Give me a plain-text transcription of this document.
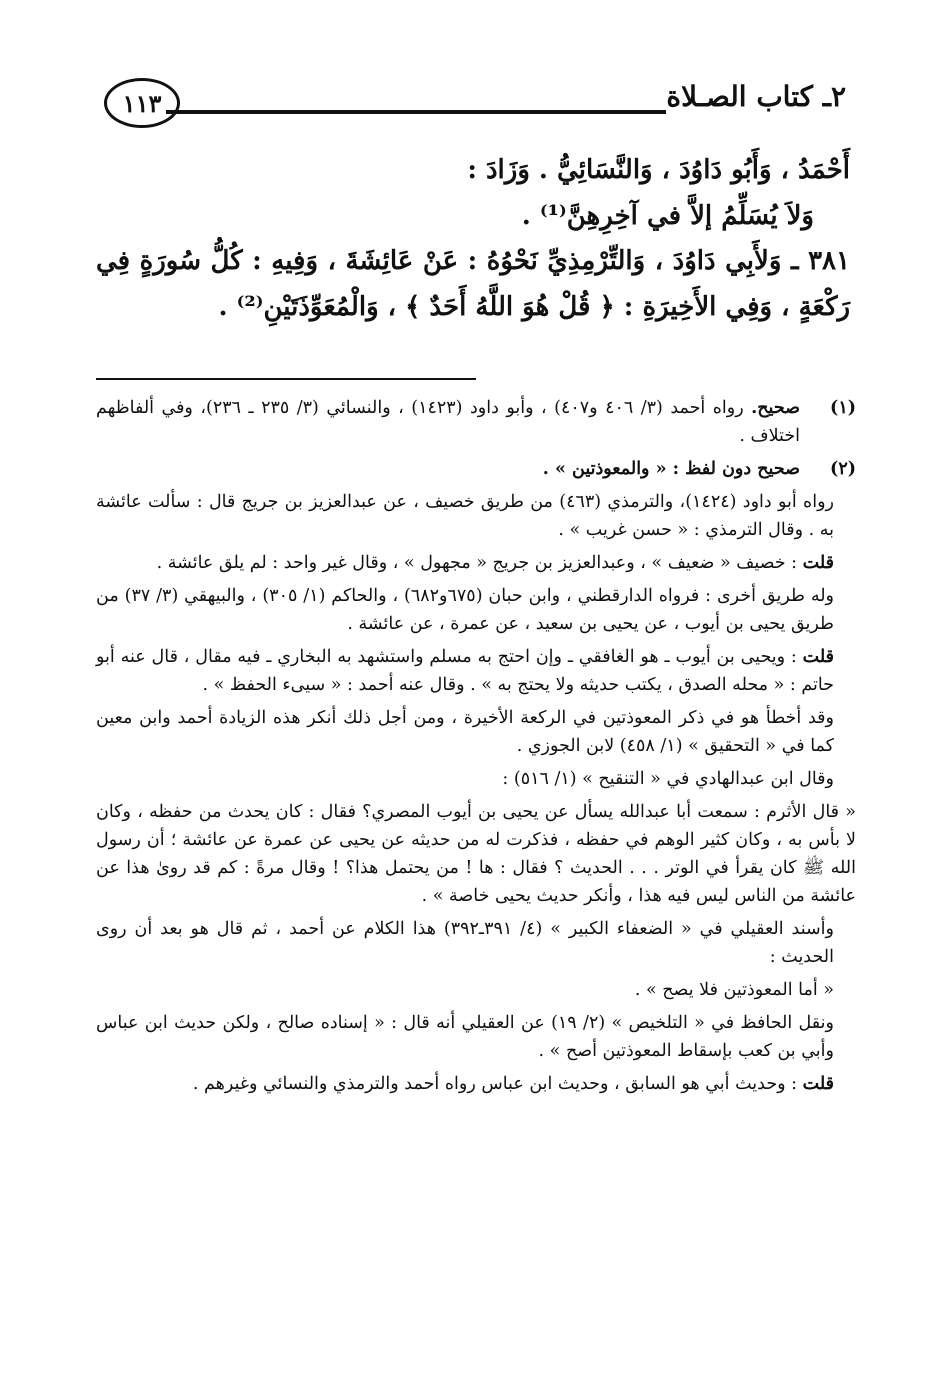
٢ـ كتاب الصـلاة
١١٣

أَحْمَدُ ، وَأَبُو دَاوُدَ ، وَالنَّسَائِيُّ . وَزَادَ :

وَلاَ يُسَلِّمُ إلاَّ في آخِرِهِنَّ⁽¹⁾ .

٣٨١ ـ وَلأَبِي دَاوُدَ ، وَالتِّرْمِذِيِّ نَحْوُهُ : عَنْ عَائِشَةَ ، وَفِيهِ : كُلُّ سُورَةٍ فِي رَكْعَةٍ ، وَفِي الأَخِيرَةِ : ﴿ قُلْ هُوَ اللَّهُ أَحَدٌ ﴾ ، وَالْمُعَوِّذَتَيْنِ⁽²⁾ .

(١)
صحيح. رواه أحمد (٣/ ٤٠٦ و٤٠٧) ، وأبو داود (١٤٢٣) ، والنسائي (٣/ ٢٣٥ ـ ٢٣٦)، وفي ألفاظهم اختلاف .

(٢)
صحيح دون لفظ : « والمعوذتين » .

رواه أبو داود (١٤٢٤)، والترمذي (٤٦٣) من طريق خصيف ، عن عبدالعزيز بن جريج قال : سألت عائشة به . وقال الترمذي : « حسن غريب » .

قلت : خصيف « ضعيف » ، وعبدالعزيز بن جريج « مجهول » ، وقال غير واحد : لم يلق عائشة .

وله طريق أخرى : فرواه الدارقطني ، وابن حبان (٦٧٥و٦٨٢) ، والحاكم (١/ ٣٠٥) ، والبيهقي (٣/ ٣٧) من طريق يحيى بن أيوب ، عن يحيى بن سعيد ، عن عمرة ، عن عائشة .

قلت : ويحيى بن أيوب ـ هو الغافقي ـ وإن احتج به مسلم واستشهد به البخاري ـ فيه مقال ، قال عنه أبو حاتم : « محله الصدق ، يكتب حديثه ولا يحتج به » . وقال عنه أحمد : « سيىء الحفظ » .

وقد أخطأ هو في ذكر المعوذتين في الركعة الأخيرة ، ومن أجل ذلك أنكر هذه الزيادة أحمد وابن معين كما في « التحقيق » (١/ ٤٥٨) لابن الجوزي .

وقال ابن عبدالهادي في « التنقيح » (١/ ٥١٦) :

« قال الأثرم : سمعت أبا عبدالله يسأل عن يحيى بن أيوب المصري؟ فقال : كان يحدث من حفظه ، وكان لا بأس به ، وكان كثير الوهم في حفظه ، فذكرت له من حديثه عن يحيى عن عمرة عن عائشة ؛ أن رسول الله ﷺ كان يقرأ في الوتر . . . الحديث ؟ فقال : ها ! من يحتمل هذا؟ ! وقال مرةً : كم قد روىٰ هذا عن عائشة من الناس ليس فيه هذا ، وأنكر حديث يحيى خاصة » .

وأسند العقيلي في « الضعفاء الكبير » (٤/ ٣٩١ـ٣٩٢) هذا الكلام عن أحمد ، ثم قال هو بعد أن روى الحديث :

« أما المعوذتين فلا يصح » .

ونقل الحافظ في « التلخيص » (٢/ ١٩) عن العقيلي أنه قال : « إسناده صالح ، ولكن حديث ابن عباس وأبي بن كعب بإسقاط المعوذتين أصح » .

قلت : وحديث أبي هو السابق ، وحديث ابن عباس رواه أحمد والترمذي والنسائي وغيرهم .
